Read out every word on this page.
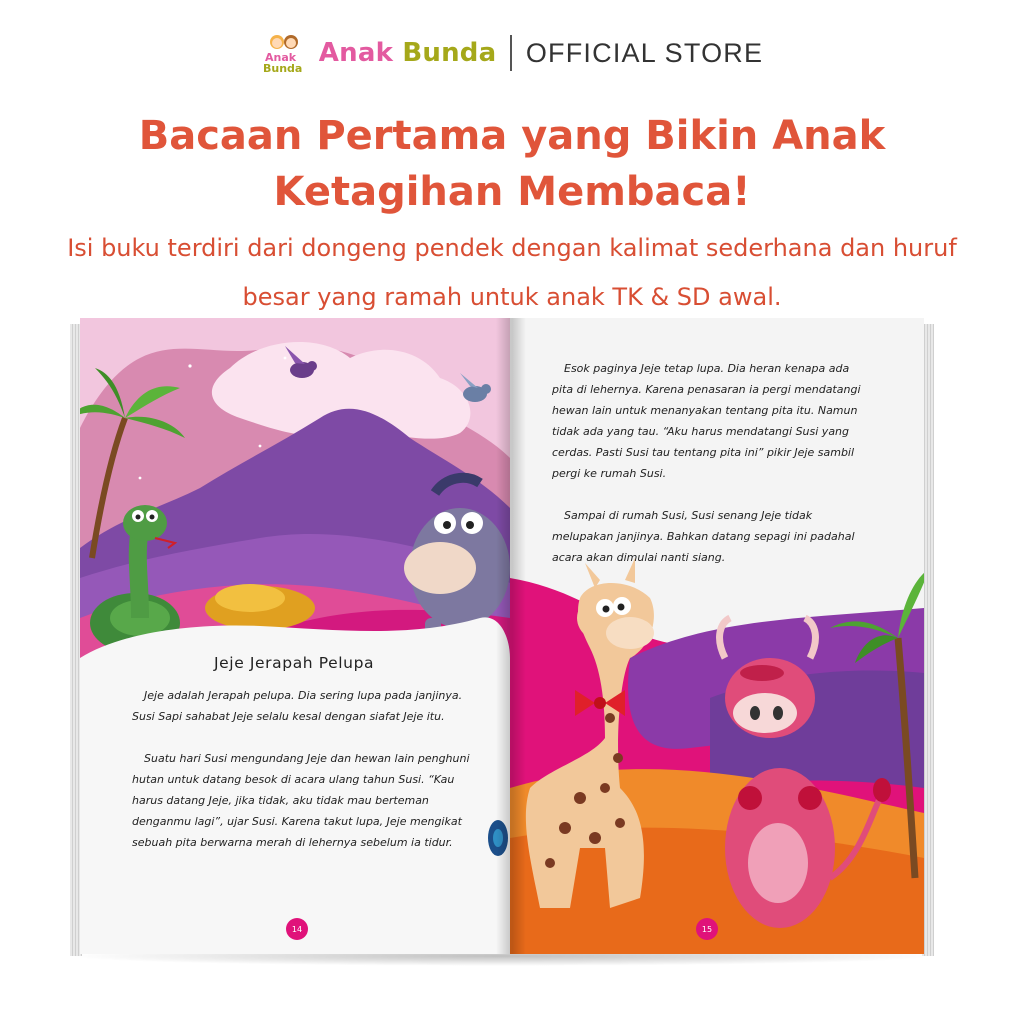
Anak
Bunda
Anak Bunda OFFICIAL STORE
Bacaan Pertama yang Bikin Anak
Ketagihan Membaca!
Isi buku terdiri dari dongeng pendek dengan kalimat sederhana dan huruf
besar yang ramah untuk anak TK & SD awal.
Jeje Jerapah Pelupa

Jeje adalah Jerapah pelupa. Dia sering lupa pada janjinya. Susi Sapi sahabat Jeje selalu kesal dengan siafat Jeje itu.

Suatu hari Susi mengundang Jeje dan hewan lain penghuni hutan untuk datang besok di acara ulang tahun Susi. “Kau harus datang Jeje, jika tidak, aku tidak mau berteman denganmu lagi”, ujar Susi. Karena takut lupa, Jeje mengikat sebuah pita berwarna merah di lehernya sebelum ia tidur.

14

Esok paginya Jeje tetap lupa. Dia heran kenapa ada pita di lehernya. Karena penasaran ia pergi mendatangi hewan lain untuk menanyakan tentang pita itu. Namun tidak ada yang tau. “Aku harus mendatangi Susi yang cerdas. Pasti Susi tau tentang pita ini” pikir Jeje sambil pergi ke rumah Susi.

Sampai di rumah Susi, Susi senang Jeje tidak melupakan janjinya. Bahkan datang sepagi ini padahal acara akan dimulai nanti siang.

15
